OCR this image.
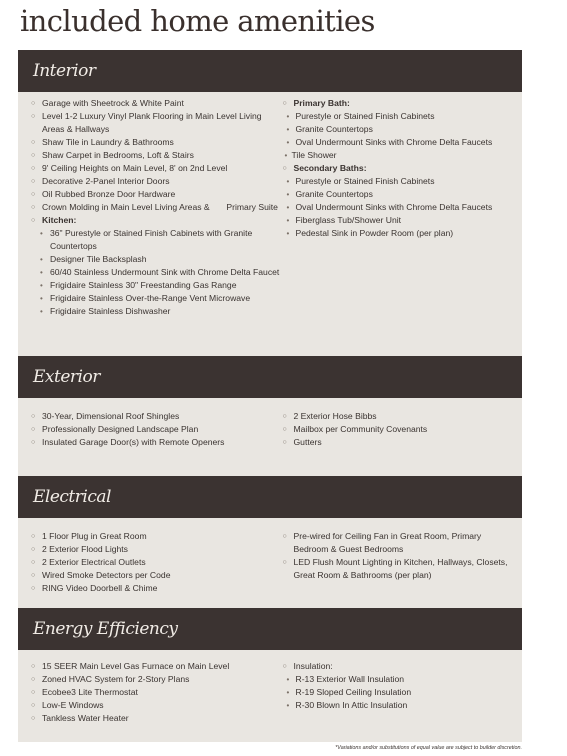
included home amenities
Interior
○ Garage with Sheetrock & White Paint
○ Level 1-2 Luxury Vinyl Plank Flooring in Main Level Living Areas & Hallways
○ Shaw Tile in Laundry & Bathrooms
○ Shaw Carpet in Bedrooms, Loft & Stairs
○ 9' Ceiling Heights on Main Level, 8' on 2nd Level
○ Decorative 2-Panel Interior Doors
○ Oil Rubbed Bronze Door Hardware
○ Crown Molding in Main Level Living Areas &       Primary Suite
○ Kitchen:
• 36" Purestyle or Stained Finish Cabinets with Granite Countertops
• Designer Tile Backsplash
• 60/40 Stainless Undermount Sink with Chrome Delta Faucet
• Frigidaire Stainless 30" Freestanding Gas Range
• Frigidaire Stainless Over-the-Range Vent Microwave
• Frigidaire Stainless Dishwasher
○ Primary Bath:
• Purestyle or Stained Finish Cabinets
• Granite Countertops
• Oval Undermount Sinks with Chrome Delta Faucets
• Tile Shower
○ Secondary Baths:
• Purestyle or Stained Finish Cabinets
• Granite Countertops
• Oval Undermount Sinks with Chrome Delta Faucets
• Fiberglass Tub/Shower Unit
• Pedestal Sink in Powder Room (per plan)
Exterior
○ 30-Year, Dimensional Roof Shingles
○ Professionally Designed Landscape Plan
○ Insulated Garage Door(s) with Remote Openers
○ 2 Exterior Hose Bibbs
○ Mailbox per Community Covenants
○ Gutters
Electrical
○ 1 Floor Plug in Great Room
○ 2 Exterior Flood Lights
○ 2 Exterior Electrical Outlets
○ Wired Smoke Detectors per Code
○ RING Video Doorbell & Chime
○ Pre-wired for Ceiling Fan in Great Room, Primary Bedroom & Guest Bedrooms
○ LED Flush Mount Lighting in Kitchen, Hallways, Closets, Great Room & Bathrooms (per plan)
Energy Efficiency
○ 15 SEER Main Level Gas Furnace on Main Level
○ Zoned HVAC System for 2-Story Plans
○ Ecobee3 Lite Thermostat
○ Low-E Windows
○ Tankless Water Heater
○ Insulation:
• R-13 Exterior Wall Insulation
• R-19 Sloped Ceiling Insulation
• R-30 Blown In Attic Insulation
*Variations and/or substitutions of equal value are subject to builder discretion.
